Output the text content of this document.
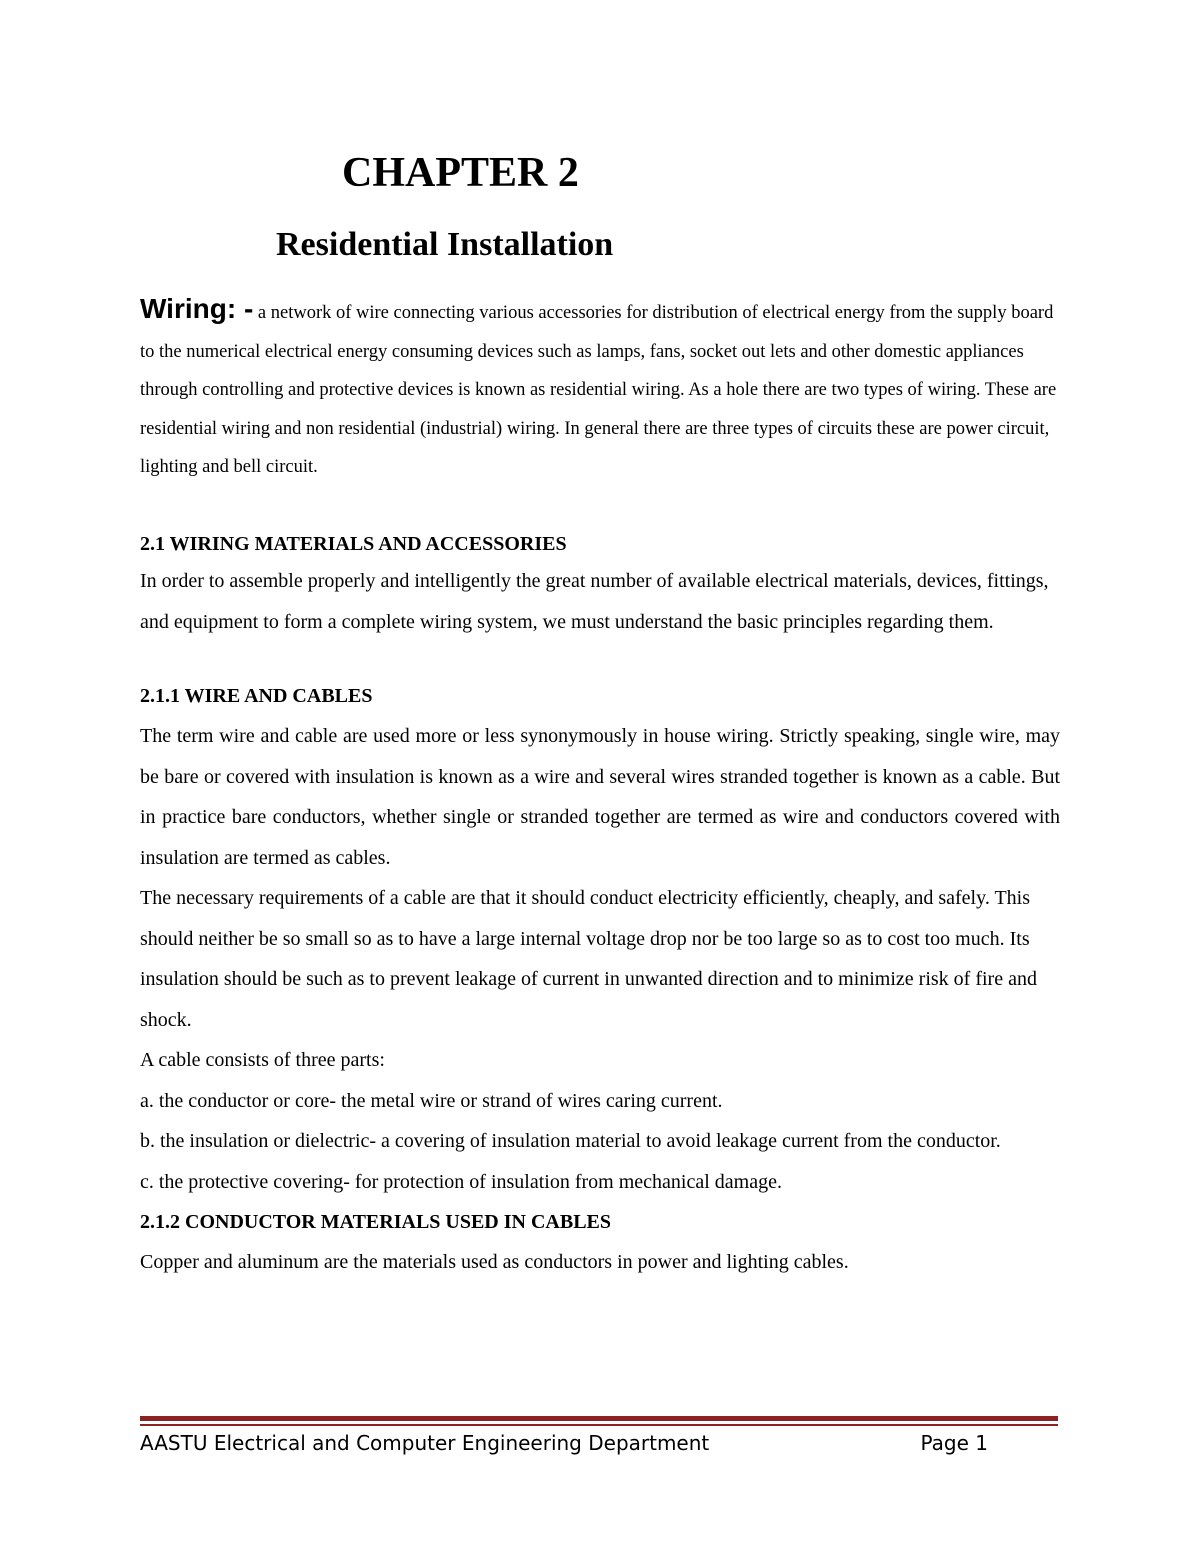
CHAPTER 2
Residential Installation

Wiring: - a network of wire connecting various accessories for distribution of electrical energy from the supply board to the numerical electrical energy consuming devices such as lamps, fans, socket out lets and other domestic appliances through controlling and protective devices is known as residential wiring. As a hole there are two types of wiring. These are residential wiring and non residential (industrial) wiring. In general there are three types of circuits these are power circuit, lighting and bell circuit.

2.1 WIRING MATERIALS AND ACCESSORIES

In order to assemble properly and intelligently the great number of available electrical materials, devices, fittings, and equipment to form a complete wiring system, we must understand the basic principles regarding them.

2.1.1 WIRE AND CABLES

The term wire and cable are used more or less synonymously in house wiring. Strictly speaking, single wire, may be bare or covered with insulation is known as a wire and several wires stranded together is known as a cable. But in practice bare conductors, whether single or stranded together are termed as wire and conductors covered with insulation are termed as cables.

The necessary requirements of a cable are that it should conduct electricity efficiently, cheaply, and safely. This should neither be so small so as to have a large internal voltage drop nor be too large so as to cost too much. Its insulation should be such as to prevent leakage of current in unwanted direction and to minimize risk of fire and shock.

A cable consists of three parts:

a. the conductor or core- the metal wire or strand of wires caring current.

b. the insulation or dielectric- a covering of insulation material to avoid leakage current from the conductor.

c. the protective covering- for protection of insulation from mechanical damage.

2.1.2 CONDUCTOR MATERIALS USED IN CABLES

Copper and aluminum are the materials used as conductors in power and lighting cables.

AASTU Electrical and Computer Engineering Department	Page 1
